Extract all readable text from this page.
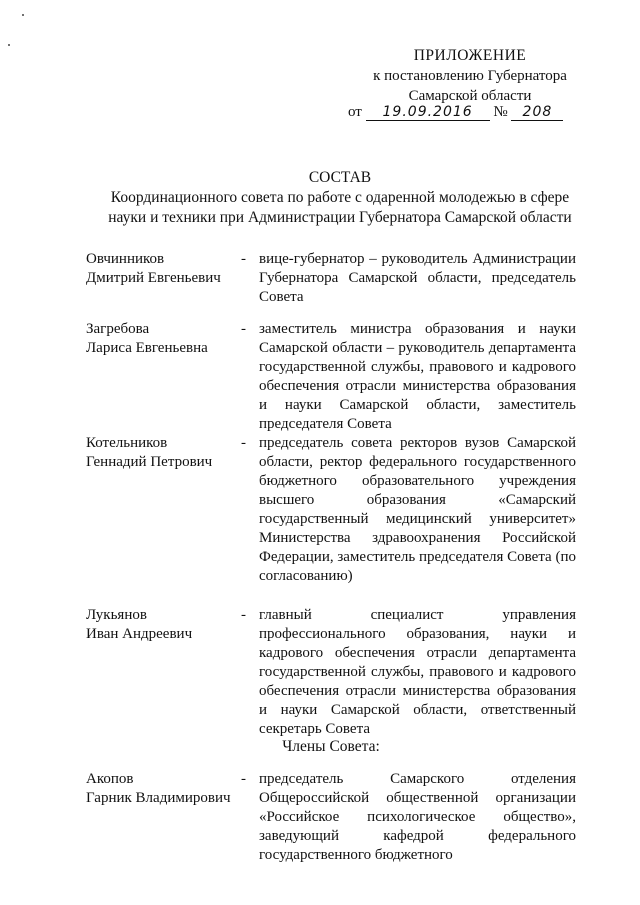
ПРИЛОЖЕНИЕ
к постановлению Губернатора
Самарской области
от 19.09.2016 № 208
СОСТАВ
Координационного совета по работе с одаренной молодежью в сфере
науки и техники при Администрации Губернатора Самарской области
Овчинников
Дмитрий Евгеньевич
- вице-губернатор – руководитель Администрации Губернатора Самарской области, председатель Совета
Загребова
Лариса Евгеньевна
- заместитель министра образования и науки Самарской области – руководитель департамента государственной службы, правового и кадрового обеспечения отрасли министерства образования и науки Самарской области, заместитель председателя Совета
Котельников
Геннадий Петрович
- председатель совета ректоров вузов Самарской области, ректор федерального государственного бюджетного образовательного учреждения высшего образования «Самарский государственный медицинский университет» Министерства здравоохранения Российской Федерации, заместитель председателя Совета (по согласованию)
Лукьянов
Иван Андреевич
- главный специалист управления профессионального образования, науки и кадрового обеспечения отрасли департамента государственной службы, правового и кадрового обеспечения отрасли министерства образования и науки Самарской области, ответственный секретарь Совета
Члены Совета:
Акопов
Гарник Владимирович
- председатель Самарского отделения Общероссийской общественной организации «Российское психологическое общество», заведующий кафедрой федерального государственного бюджетного
